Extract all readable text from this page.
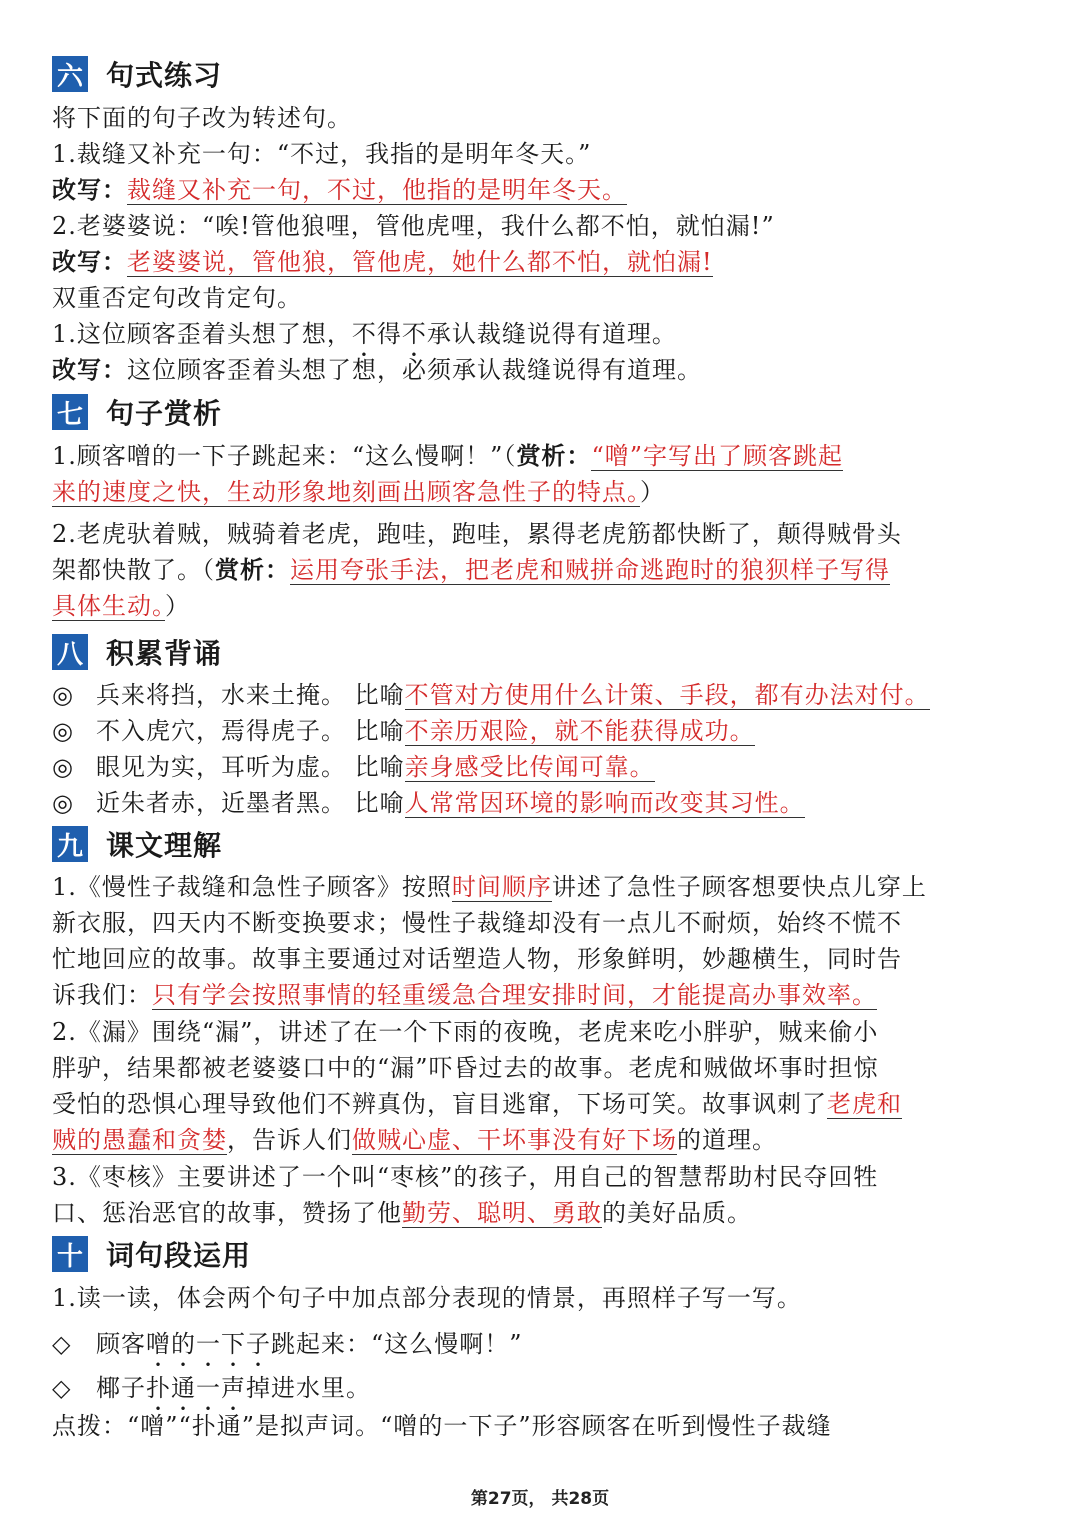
六 句式练习
将下面的句子改为转述句。
1.裁缝又补充一句：“不过，我指的是明年冬天。”
改写：裁缝又补充一句，不过，他指的是明年冬天。
2.老婆婆说：“唉!管他狼哩，管他虎哩，我什么都不怕，就怕漏!”
改写：老婆婆说，管他狼，管他虎，她什么都不怕，就怕漏!
双重否定句改肯定句。
1.这位顾客歪着头想了想，不得不承认裁缝说得有道理。
改写：这位顾客歪着头想了想，必须承认裁缝说得有道理。
七 句子赏析
1.顾客噌的一下子跳起来：“这么慢啊！”（赏析：“噌”字写出了顾客跳起
来的速度之快，生动形象地刻画出顾客急性子的特点。）
2.老虎驮着贼，贼骑着老虎，跑哇，跑哇，累得老虎筋都快断了，颠得贼骨头
架都快散了。（赏析：运用夸张手法，把老虎和贼拼命逃跑时的狼狈样子写得
具体生动。）
八 积累背诵
◎ 兵来将挡，水来土掩。 比喻不管对方使用什么计策、手段，都有办法对付。
◎ 不入虎穴，焉得虎子。 比喻不亲历艰险，就不能获得成功。
◎ 眼见为实，耳听为虚。 比喻亲身感受比传闻可靠。
◎ 近朱者赤，近墨者黑。 比喻人常常因环境的影响而改变其习性。
九 课文理解
1.《慢性子裁缝和急性子顾客》按照时间顺序讲述了急性子顾客想要快点儿穿上
新衣服，四天内不断变换要求；慢性子裁缝却没有一点儿不耐烦，始终不慌不
忙地回应的故事。故事主要通过对话塑造人物，形象鲜明，妙趣横生，同时告
诉我们：只有学会按照事情的轻重缓急合理安排时间，才能提高办事效率。
2.《漏》围绕“漏”，讲述了在一个下雨的夜晚，老虎来吃小胖驴，贼来偷小
胖驴，结果都被老婆婆口中的“漏”吓昏过去的故事。老虎和贼做坏事时担惊
受怕的恐惧心理导致他们不辨真伪，盲目逃窜，下场可笑。故事讽刺了老虎和
贼的愚蠢和贪婪，告诉人们做贼心虚、干坏事没有好下场的道理。
3.《枣核》主要讲述了一个叫“枣核”的孩子，用自己的智慧帮助村民夺回牲
口、惩治恶官的故事，赞扬了他勤劳、聪明、勇敢的美好品质。
十 词句段运用
1.读一读，体会两个句子中加点部分表现的情景，再照样子写一写。
◇ 顾客噌的一下子跳起来：“这么慢啊！”
◇ 椰子扑通一声掉进水里。
点拨：“噌”“扑通”是拟声词。“噌的一下子”形容顾客在听到慢性子裁缝
第27页， 共28页
